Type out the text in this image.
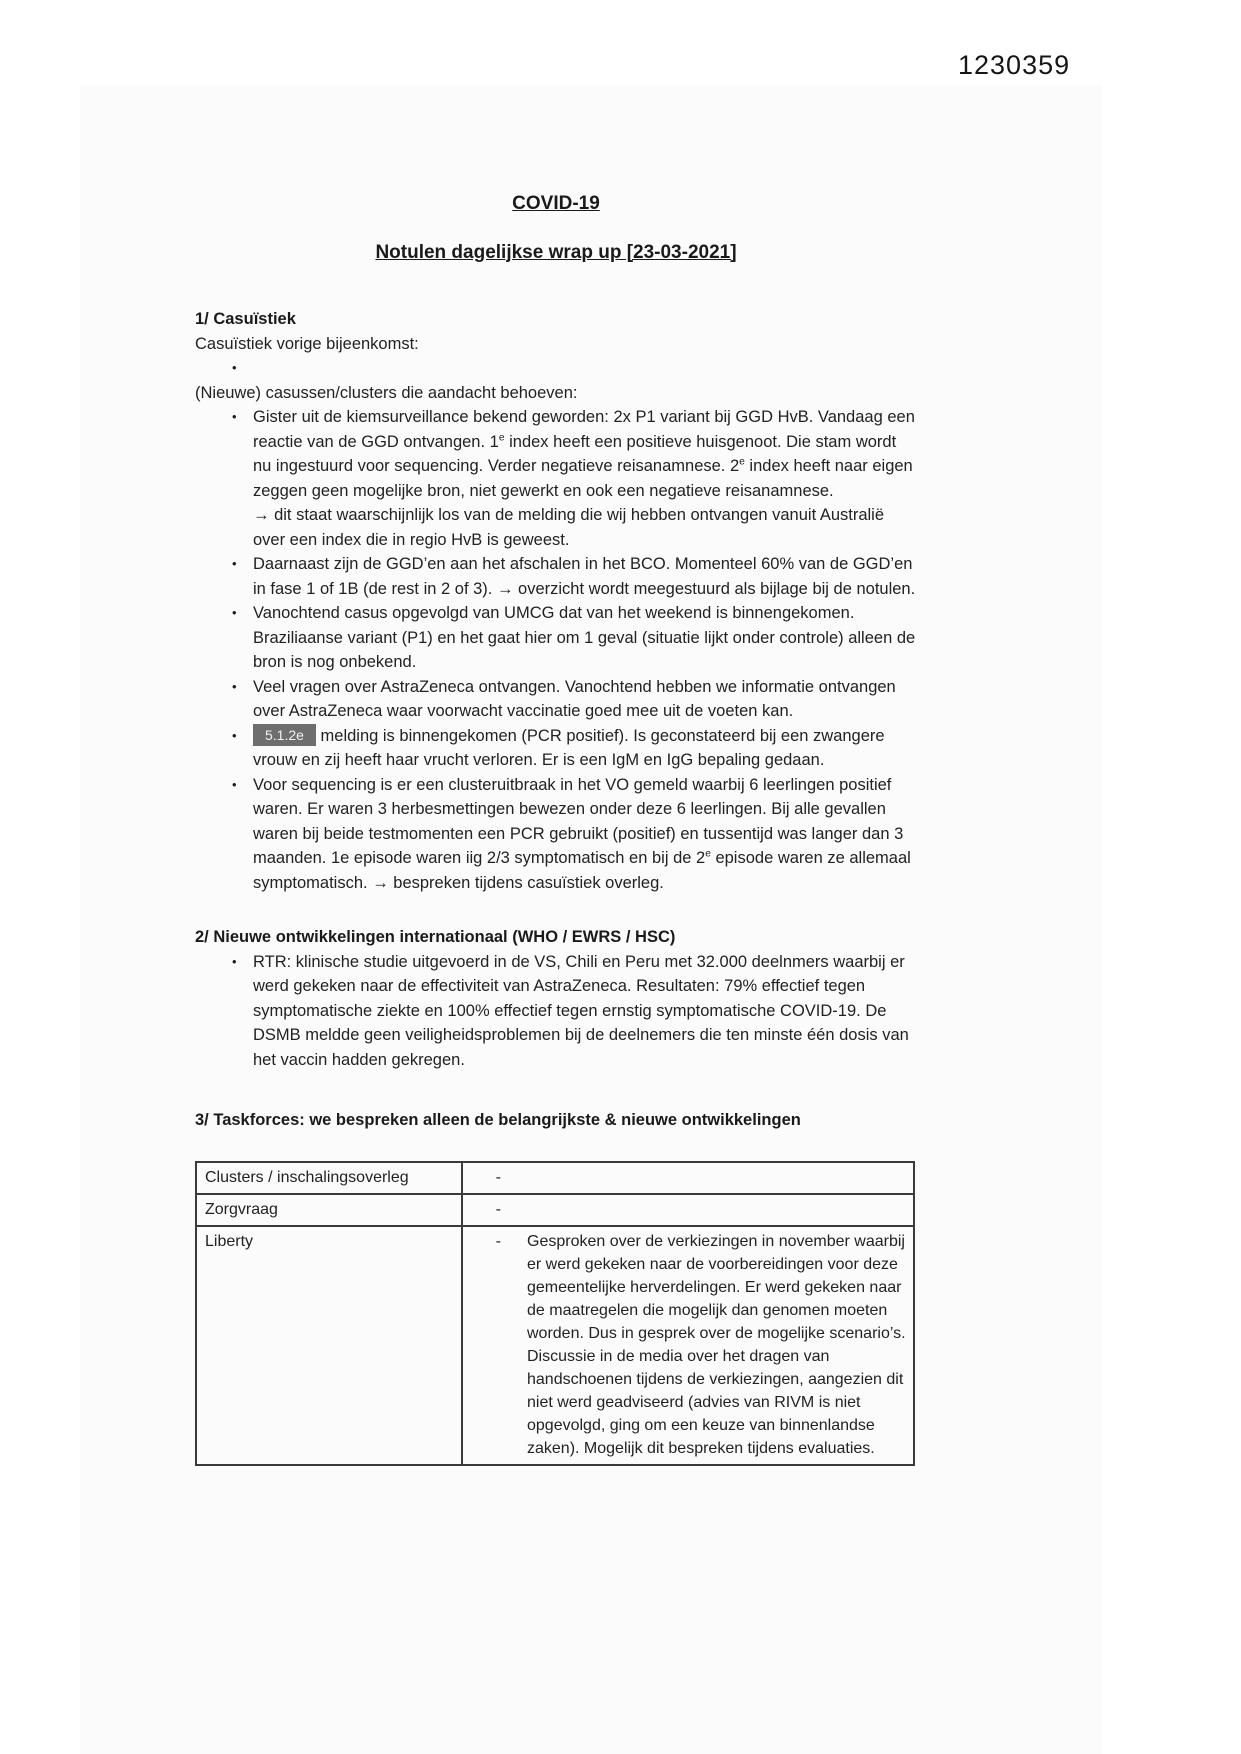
1230359
COVID-19
Notulen dagelijkse wrap up [23-03-2021]

1/ Casuïstiek

Casuïstiek vorige bijeenkomst:

•

(Nieuwe) casussen/clusters die aandacht behoeven:

• Gister uit de kiemsurveillance bekend geworden: 2x P1 variant bij GGD HvB. Vandaag een reactie van de GGD ontvangen. 1e index heeft een positieve huisgenoot. Die stam wordt nu ingestuurd voor sequencing. Verder negatieve reisanamnese. 2e index heeft naar eigen zeggen geen mogelijke bron, niet gewerkt en ook een negatieve reisanamnese.
→ dit staat waarschijnlijk los van de melding die wij hebben ontvangen vanuit Australië over een index die in regio HvB is geweest.
• Daarnaast zijn de GGD’en aan het afschalen in het BCO. Momenteel 60% van de GGD’en in fase 1 of 1B (de rest in 2 of 3). → overzicht wordt meegestuurd als bijlage bij de notulen.
• Vanochtend casus opgevolgd van UMCG dat van het weekend is binnengekomen. Braziliaanse variant (P1) en het gaat hier om 1 geval (situatie lijkt onder controle) alleen de bron is nog onbekend.
• Veel vragen over AstraZeneca ontvangen. Vanochtend hebben we informatie ontvangen over AstraZeneca waar voorwacht vaccinatie goed mee uit de voeten kan.
•	5.1.2e melding is binnengekomen (PCR positief). Is geconstateerd bij een zwangere vrouw en zij heeft haar vrucht verloren. Er is een IgM en IgG bepaling gedaan.
• Voor sequencing is er een clusteruitbraak in het VO gemeld waarbij 6 leerlingen positief waren. Er waren 3 herbesmettingen bewezen onder deze 6 leerlingen. Bij alle gevallen waren bij beide testmomenten een PCR gebruikt (positief) en tussentijd was langer dan 3 maanden. 1e episode waren iig 2/3 symptomatisch en bij de 2e episode waren ze allemaal symptomatisch. → bespreken tijdens casuïstiek overleg.

2/ Nieuwe ontwikkelingen internationaal (WHO / EWRS / HSC)

• RTR: klinische studie uitgevoerd in de VS, Chili en Peru met 32.000 deelnmers waarbij er werd gekeken naar de effectiviteit van AstraZeneca. Resultaten: 79% effectief tegen symptomatische ziekte en 100% effectief tegen ernstig symptomatische COVID-19. De DSMB meldde geen veiligheidsproblemen bij de deelnemers die ten minste één dosis van het vaccin hadden gekregen.

3/ Taskforces: we bespreken alleen de belangrijkste & nieuwe ontwikkelingen

Clusters / inschalingsoverleg	-

Zorgvraag	-

Liberty	- Gesproken over de verkiezingen in november waarbij er werd gekeken naar de voorbereidingen voor deze gemeentelijke herverdelingen. Er werd gekeken naar de maatregelen die mogelijk dan genomen moeten worden. Dus in gesprek over de mogelijke scenario’s. Discussie in de media over het dragen van handschoenen tijdens de verkiezingen, aangezien dit niet werd geadviseerd (advies van RIVM is niet opgevolgd, ging om een keuze van binnenlandse zaken). Mogelijk dit bespreken tijdens evaluaties.
